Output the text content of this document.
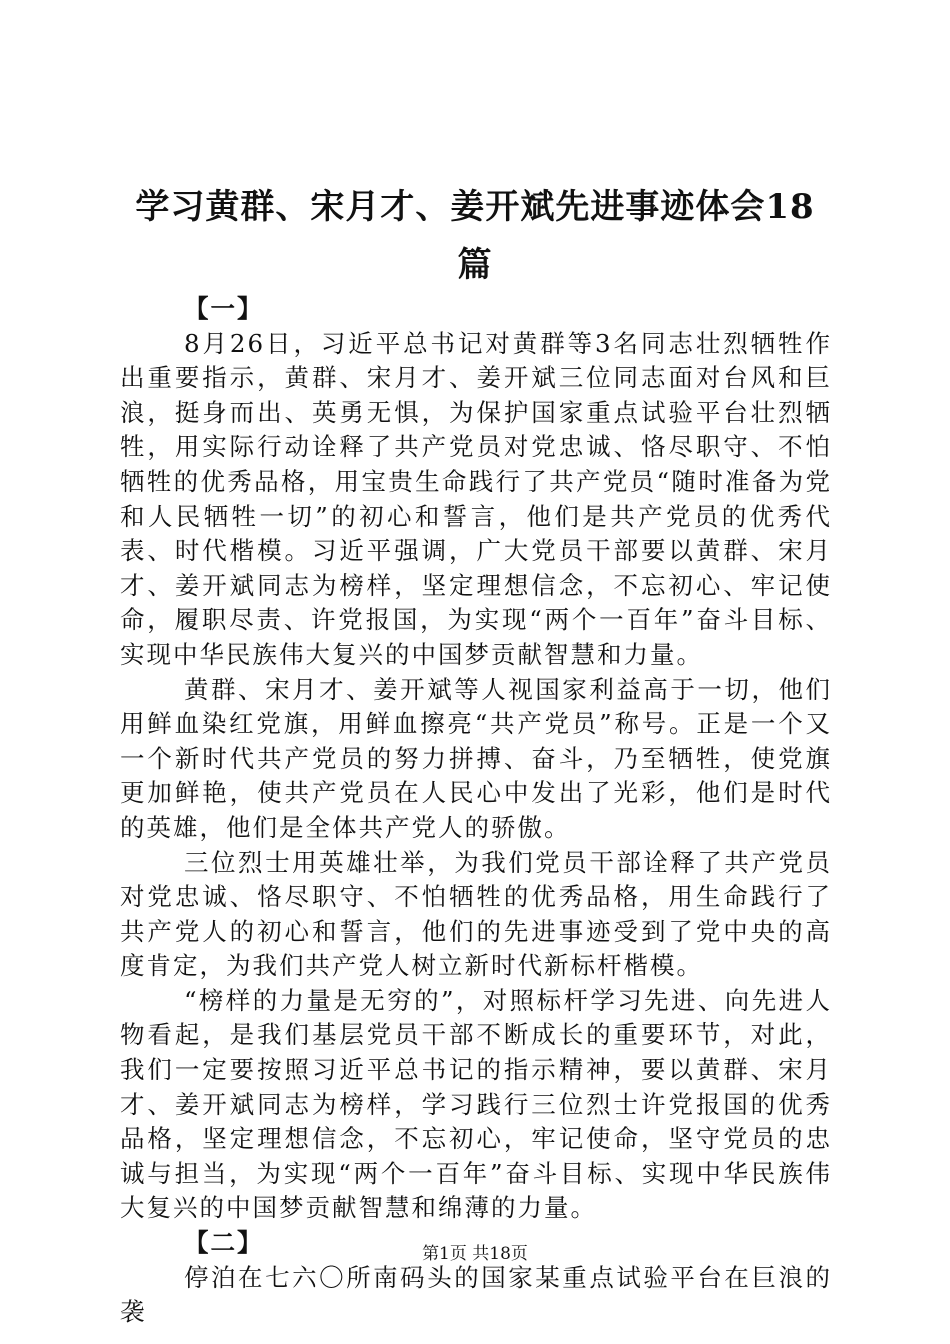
学习黄群、宋月才、姜开斌先进事迹体会18篇

【一】

8月26日，习近平总书记对黄群等3名同志壮烈牺牲作出重要指示，黄群、宋月才、姜开斌三位同志面对台风和巨浪，挺身而出、英勇无惧，为保护国家重点试验平台壮烈牺牲，用实际行动诠释了共产党员对党忠诚、恪尽职守、不怕牺牲的优秀品格，用宝贵生命践行了共产党员“随时准备为党和人民牺牲一切”的初心和誓言，他们是共产党员的优秀代表、时代楷模。习近平强调，广大党员干部要以黄群、宋月才、姜开斌同志为榜样，坚定理想信念，不忘初心、牢记使命，履职尽责、许党报国，为实现“两个一百年”奋斗目标、实现中华民族伟大复兴的中国梦贡献智慧和力量。

黄群、宋月才、姜开斌等人视国家利益高于一切，他们用鲜血染红党旗，用鲜血擦亮“共产党员”称号。正是一个又一个新时代共产党员的努力拼搏、奋斗，乃至牺牲，使党旗更加鲜艳，使共产党员在人民心中发出了光彩，他们是时代的英雄，他们是全体共产党人的骄傲。

三位烈士用英雄壮举，为我们党员干部诠释了共产党员对党忠诚、恪尽职守、不怕牺牲的优秀品格，用生命践行了共产党人的初心和誓言，他们的先进事迹受到了党中央的高度肯定，为我们共产党人树立新时代新标杆楷模。

“榜样的力量是无穷的”，对照标杆学习先进、向先进人物看起，是我们基层党员干部不断成长的重要环节，对此，我们一定要按照习近平总书记的指示精神，要以黄群、宋月才、姜开斌同志为榜样，学习践行三位烈士许党报国的优秀品格，坚定理想信念，不忘初心，牢记使命，坚守党员的忠诚与担当，为实现“两个一百年”奋斗目标、实现中华民族伟大复兴的中国梦贡献智慧和绵薄的力量。

【二】

停泊在七六〇所南码头的国家某重点试验平台在巨浪的袭

第1页 共18页
